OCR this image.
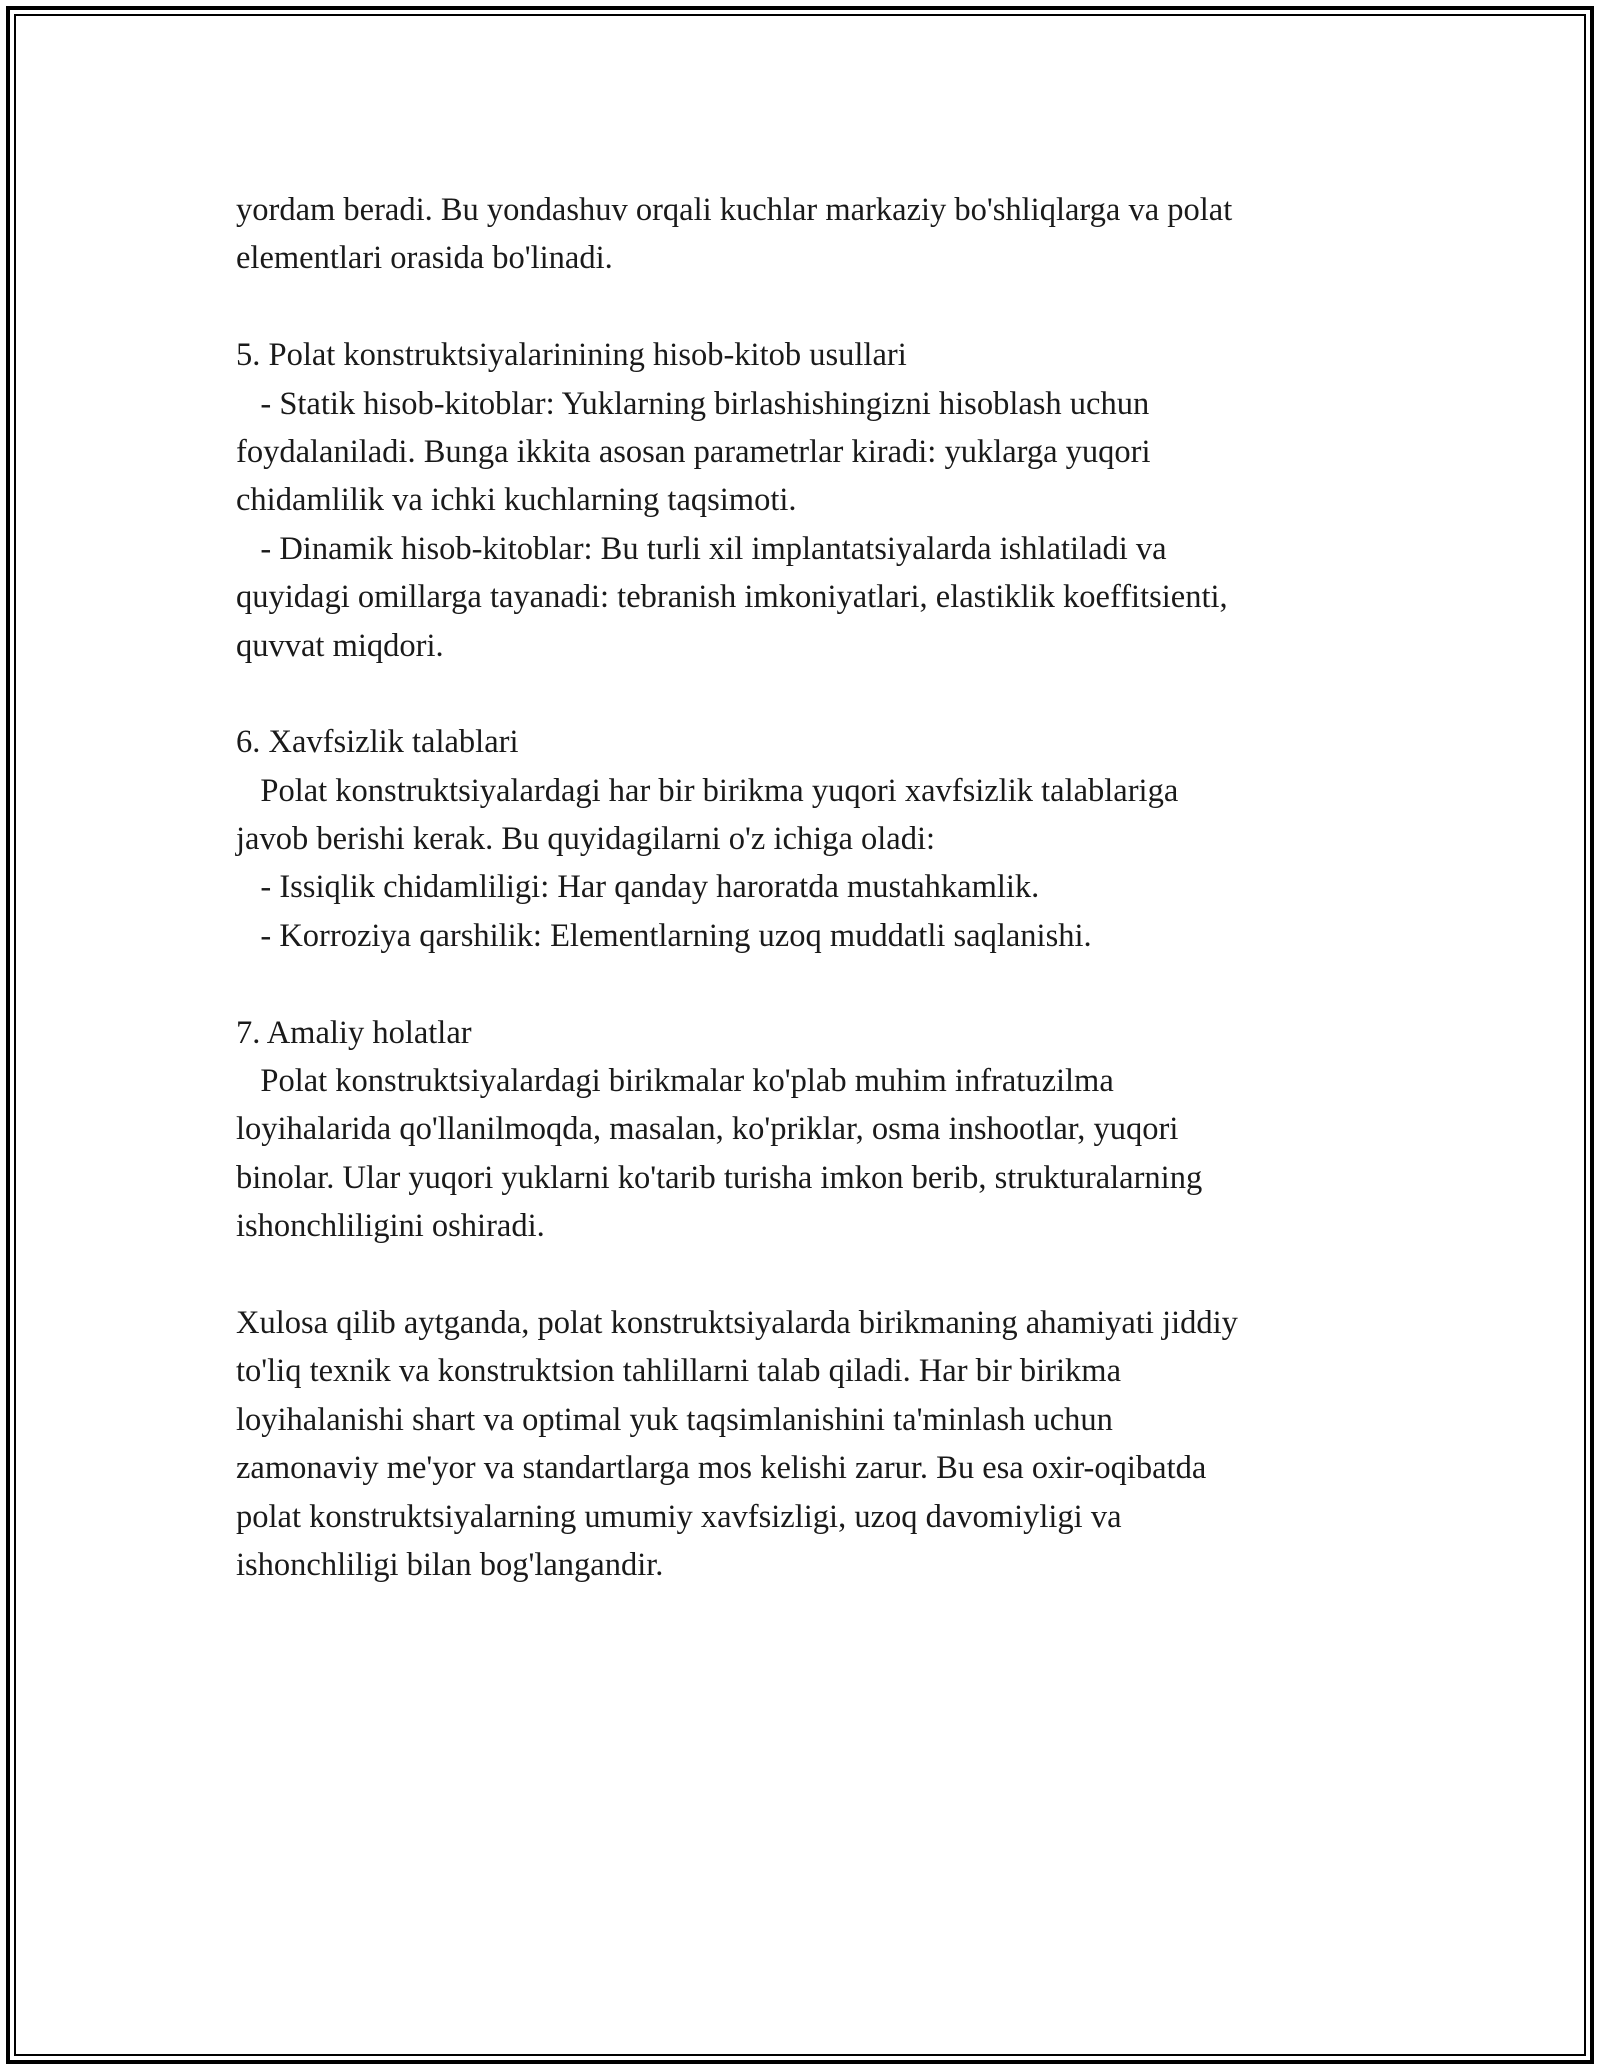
yordam beradi. Bu yondashuv orqali kuchlar markaziy bo'shliqlarga va polat
elementlari orasida bo'linadi.
5. Polat konstruktsiyalarinining hisob-kitob usullari
- Statik hisob-kitoblar: Yuklarning birlashishingizni hisoblash uchun
foydalaniladi. Bunga ikkita asosan parametrlar kiradi: yuklarga yuqori
chidamlilik va ichki kuchlarning taqsimoti.
- Dinamik hisob-kitoblar: Bu turli xil implantatsiyalarda ishlatiladi va
quyidagi omillarga tayanadi: tebranish imkoniyatlari, elastiklik koeffitsienti,
quvvat miqdori.
6. Xavfsizlik talablari
Polat konstruktsiyalardagi har bir birikma yuqori xavfsizlik talablariga
javob berishi kerak. Bu quyidagilarni o'z ichiga oladi:
- Issiqlik chidamliligi: Har qanday haroratda mustahkamlik.
- Korroziya qarshilik: Elementlarning uzoq muddatli saqlanishi.
7. Amaliy holatlar
Polat konstruktsiyalardagi birikmalar ko'plab muhim infratuzilma
loyihalarida qo'llanilmoqda, masalan, ko'priklar, osma inshootlar, yuqori
binolar. Ular yuqori yuklarni ko'tarib turisha imkon berib, strukturalarning
ishonchliligini oshiradi.
Xulosa qilib aytganda, polat konstruktsiyalarda birikmaning ahamiyati jiddiy
to'liq texnik va konstruktsion tahlillarni talab qiladi. Har bir birikma
loyihalanishi shart va optimal yuk taqsimlanishini ta'minlash uchun
zamonaviy me'yor va standartlarga mos kelishi zarur. Bu esa oxir-oqibatda
polat konstruktsiyalarning umumiy xavfsizligi, uzoq davomiyligi va
ishonchliligi bilan bog'langandir.
